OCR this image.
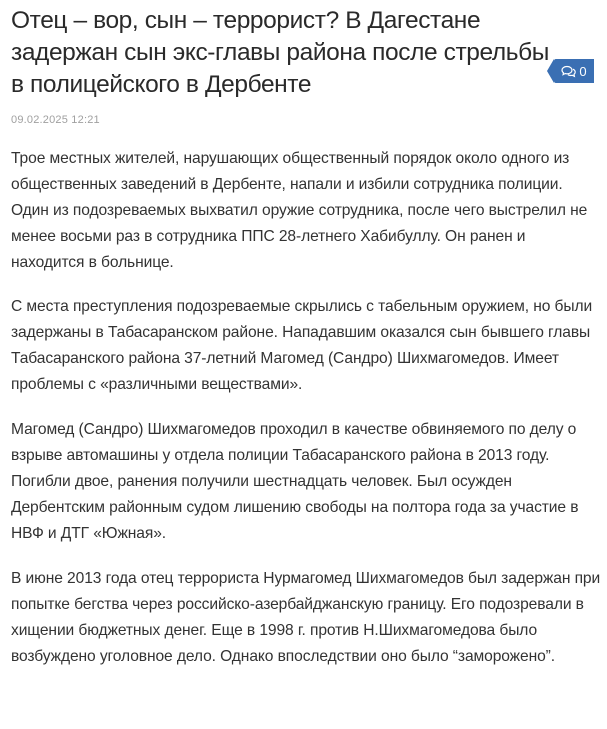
Отец – вор, сын – террорист? В Дагестане задержан сын экс-главы района после стрельбы в полицейского в Дербенте
09.02.2025 12:21

Трое местных жителей, нарушающих общественный порядок около одного из общественных заведений в Дербенте, напали и избили сотрудника полиции. Один из подозреваемых выхватил оружие сотрудника, после чего выстрелил не менее восьми раз в сотрудника ППС 28-летнего Хабибуллу. Он ранен и находится в больнице.

С места преступления подозреваемые скрылись с табельным оружием, но были задержаны в Табасаранском районе. Нападавшим оказался сын бывшего главы Табасаранского района 37-летний Магомед (Сандро) Шихмагомедов. Имеет проблемы с «различными веществами».

Магомед (Сандро) Шихмагомедов проходил в качестве обвиняемого по делу о взрыве автомашины у отдела полиции Табасаранского района в 2013 году. Погибли двое, ранения получили шестнадцать человек. Был осужден Дербентским районным судом лишению свободы на полтора года за участие в НВФ и ДТГ «Южная».

В июне 2013 года отец террориста Нурмагомед Шихмагомедов был задержан при попытке бегства через российско-азербайджанскую границу. Его подозревали в хищении бюджетных денег. Еще в 1998 г. против Н.Шихмагомедова было возбуждено уголовное дело. Однако впоследствии оно было “заморожено”.

0
